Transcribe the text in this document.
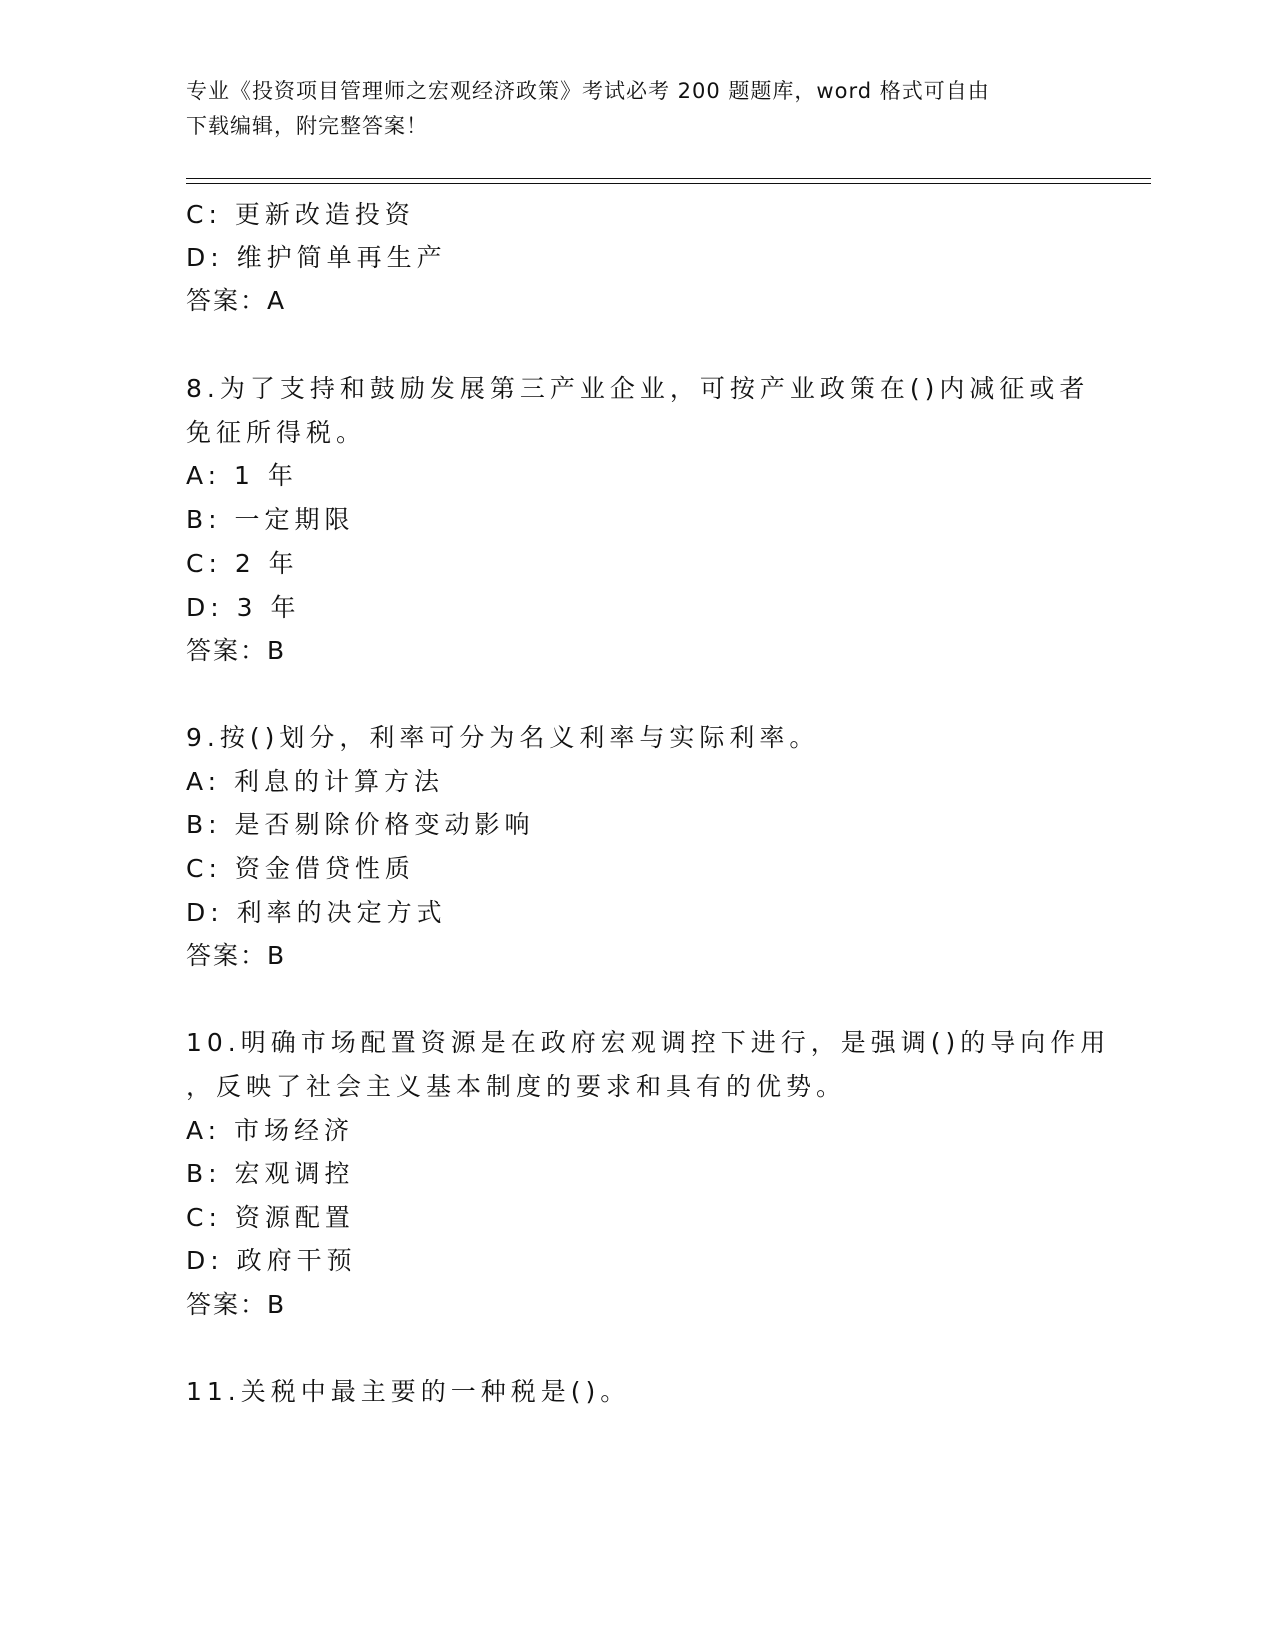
专业《投资项目管理师之宏观经济政策》考试必考 200 题题库，word 格式可自由
下载编辑，附完整答案！
C: 更新改造投资
D: 维护简单再生产
答案：A
8.为了支持和鼓励发展第三产业企业，可按产业政策在()内减征或者
免征所得税。
A: 1 年
B: 一定期限
C: 2 年
D: 3 年
答案：B
9.按()划分，利率可分为名义利率与实际利率。
A: 利息的计算方法
B: 是否剔除价格变动影响
C: 资金借贷性质
D: 利率的决定方式
答案：B
10.明确市场配置资源是在政府宏观调控下进行，是强调()的导向作用
，反映了社会主义基本制度的要求和具有的优势。
A: 市场经济
B: 宏观调控
C: 资源配置
D: 政府干预
答案：B
11.关税中最主要的一种税是()。
